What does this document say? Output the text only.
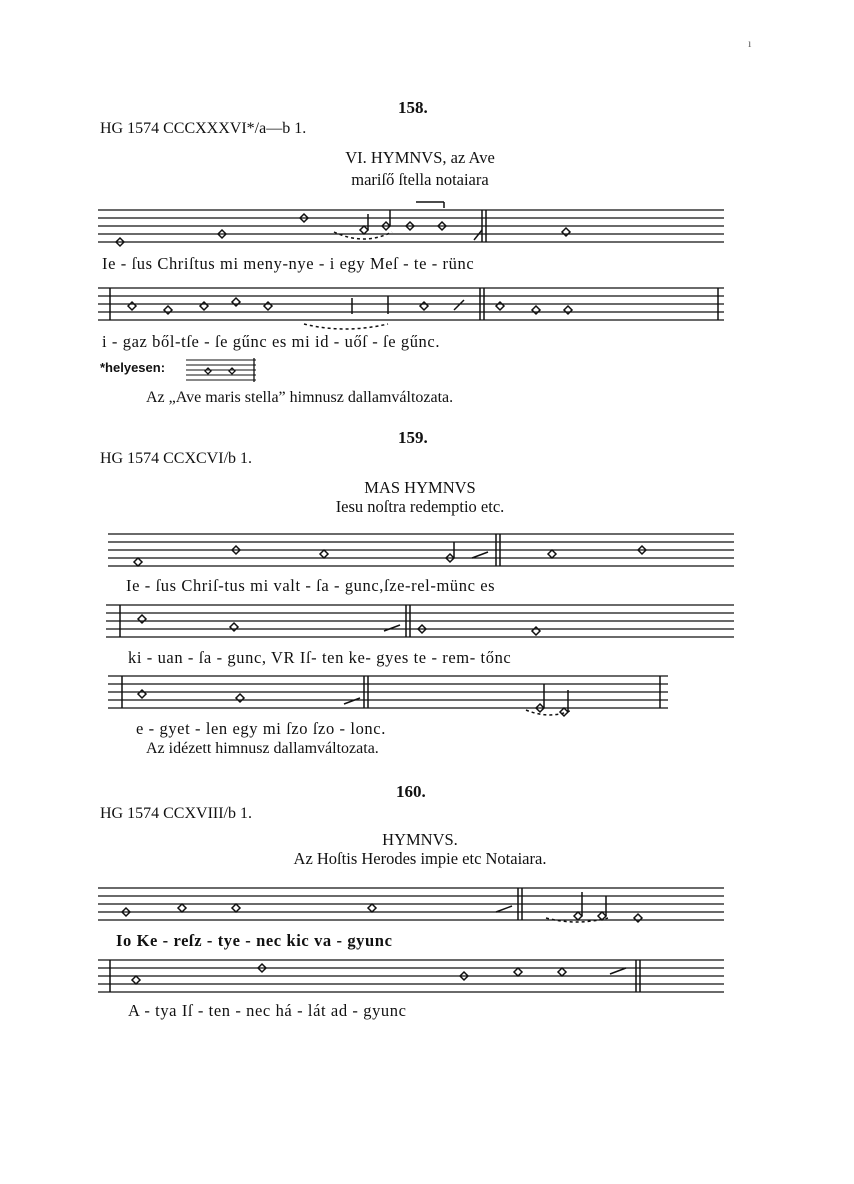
ı
158.
HG 1574 CCCXXXVI*/a—b 1.
VI. HYMNVS, az Ave
mariſő ſtella notaiara
Ie - ſus Chriſtus mi meny-nye - i egy Meſ - te - rünc
i - gaz ből-tſe - ſe gűnc es mi id - uőſ - ſe gűnc.
*helyesen:
Az „Ave maris stella” himnusz dallamváltozata.
159.
HG 1574 CCXCVI/b 1.
MAS HYMNVS
Iesu noſtra redemptio etc.
Ie - ſus Chriſ-tus mi valt - ſa - gunc,ſze-rel-münc es
ki - uan - ſa - gunc, VR Iſ- ten ke- gyes te - rem- tőnc
e - gyet - len egy mi ſzo ſzo - lonc.
Az idézett himnusz dallamváltozata.
160.
HG 1574 CCXVIII/b 1.
HYMNVS.
Az Hoſtis Herodes impie etc Notaiara.
Io Ke - reſz - tye - nec kic va - gyunc
A - tya Iſ - ten - nec há - lát ad - gyunc
